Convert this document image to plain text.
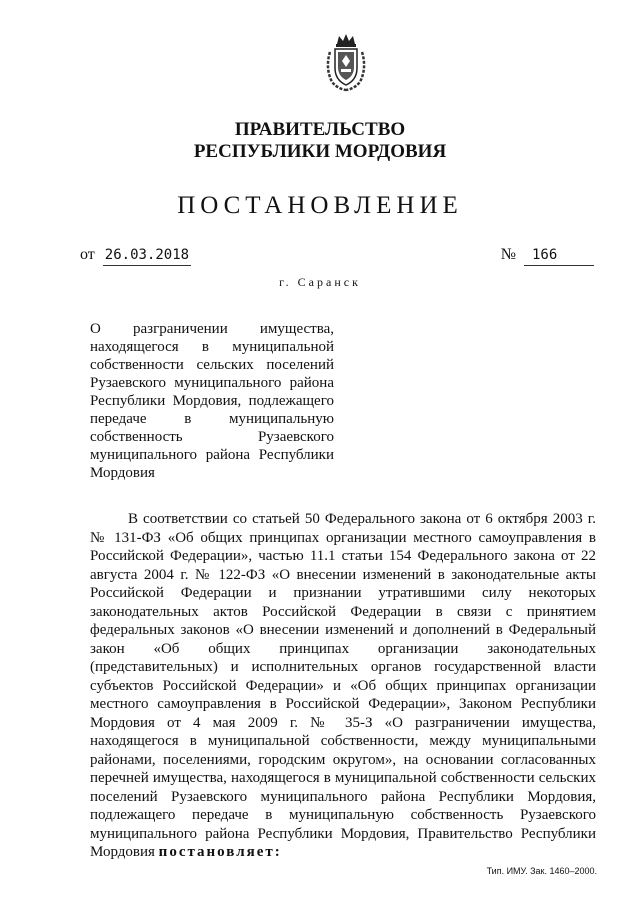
ПРАВИТЕЛЬСТВО
РЕСПУБЛИКИ МОРДОВИЯ
ПОСТАНОВЛЕНИЕ
от 26.03.2018	№ 166
г. Саранск
О разграничении имущества, находящегося в муниципальной собственности сельских поселений Рузаевского муниципального района Республики Мордовия, подлежащего передаче в муниципальную собственность Рузаевского муниципального района Республики Мордовия
В соответствии со статьей 50 Федерального закона от 6 октября 2003 г. № 131-ФЗ «Об общих принципах организации местного самоуправления в Российской Федерации», частью 11.1 статьи 154 Федерального закона от 22 августа 2004 г. № 122-ФЗ «О внесении изменений в законодательные акты Российской Федерации и признании утратившими силу некоторых законодательных актов Российской Федерации в связи с принятием федеральных законов «О внесении изменений и дополнений в Федеральный закон «Об общих принципах организации законодательных (представительных) и исполнительных органов государственной власти субъектов Российской Федерации» и «Об общих принципах организации местного самоуправления в Российской Федерации», Законом Республики Мордовия от 4 мая 2009 г. № 35-З «О разграничении имущества, находящегося в муниципальной собственности, между муниципальными районами, поселениями, городским округом», на основании согласованных перечней имущества, находящегося в муниципальной собственности сельских поселений Рузаевского муниципального района Республики Мордовия, подлежащего передаче в муниципальную собственность Рузаевского муниципального района Республики Мордовия, Правительство Республики Мордовия постановляет:
Тип. ИМУ. Зак. 1460–2000.
